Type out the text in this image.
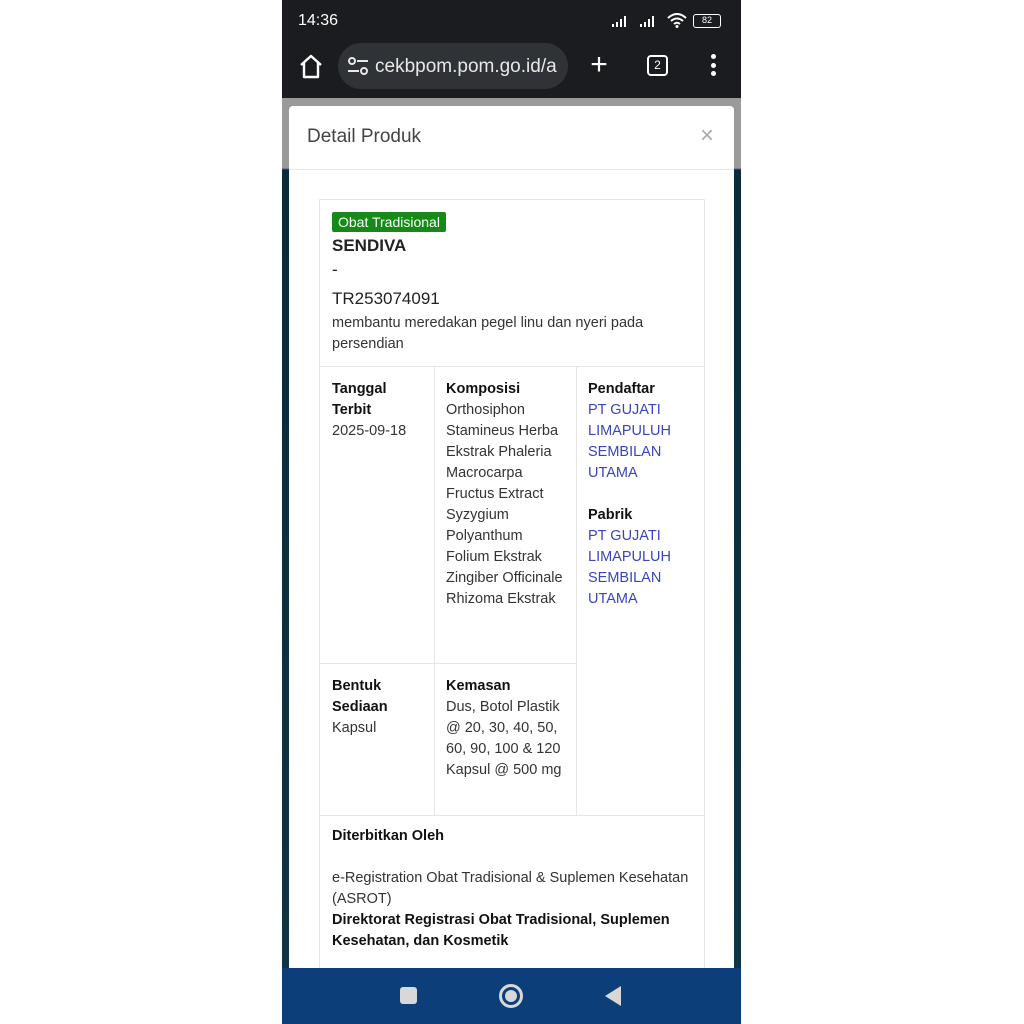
14:36	82
cekbpom.pom.go.id/a +	2
Detail Produk	×
Obat Tradisional
SENDIVA
-
TR253074091
membantu meredakan pegel linu dan nyeri pada persendian
Tanggal Terbit
2025-09-18
Komposisi
Orthosiphon Stamineus Herba Ekstrak Phaleria Macrocarpa Fructus Extract Syzygium Polyanthum Folium Ekstrak Zingiber Officinale Rhizoma Ekstrak
Pendaftar
PT GUJATI LIMAPULUH SEMBILAN UTAMA
Pabrik
PT GUJATI LIMAPULUH SEMBILAN UTAMA
Bentuk Sediaan
Kapsul
Kemasan
Dus, Botol Plastik @ 20, 30, 40, 50, 60, 90, 100 & 120 Kapsul @ 500 mg
Diterbitkan Oleh
e-Registration Obat Tradisional & Suplemen Kesehatan (ASROT)
Direktorat Registrasi Obat Tradisional, Suplemen Kesehatan, dan Kosmetik
